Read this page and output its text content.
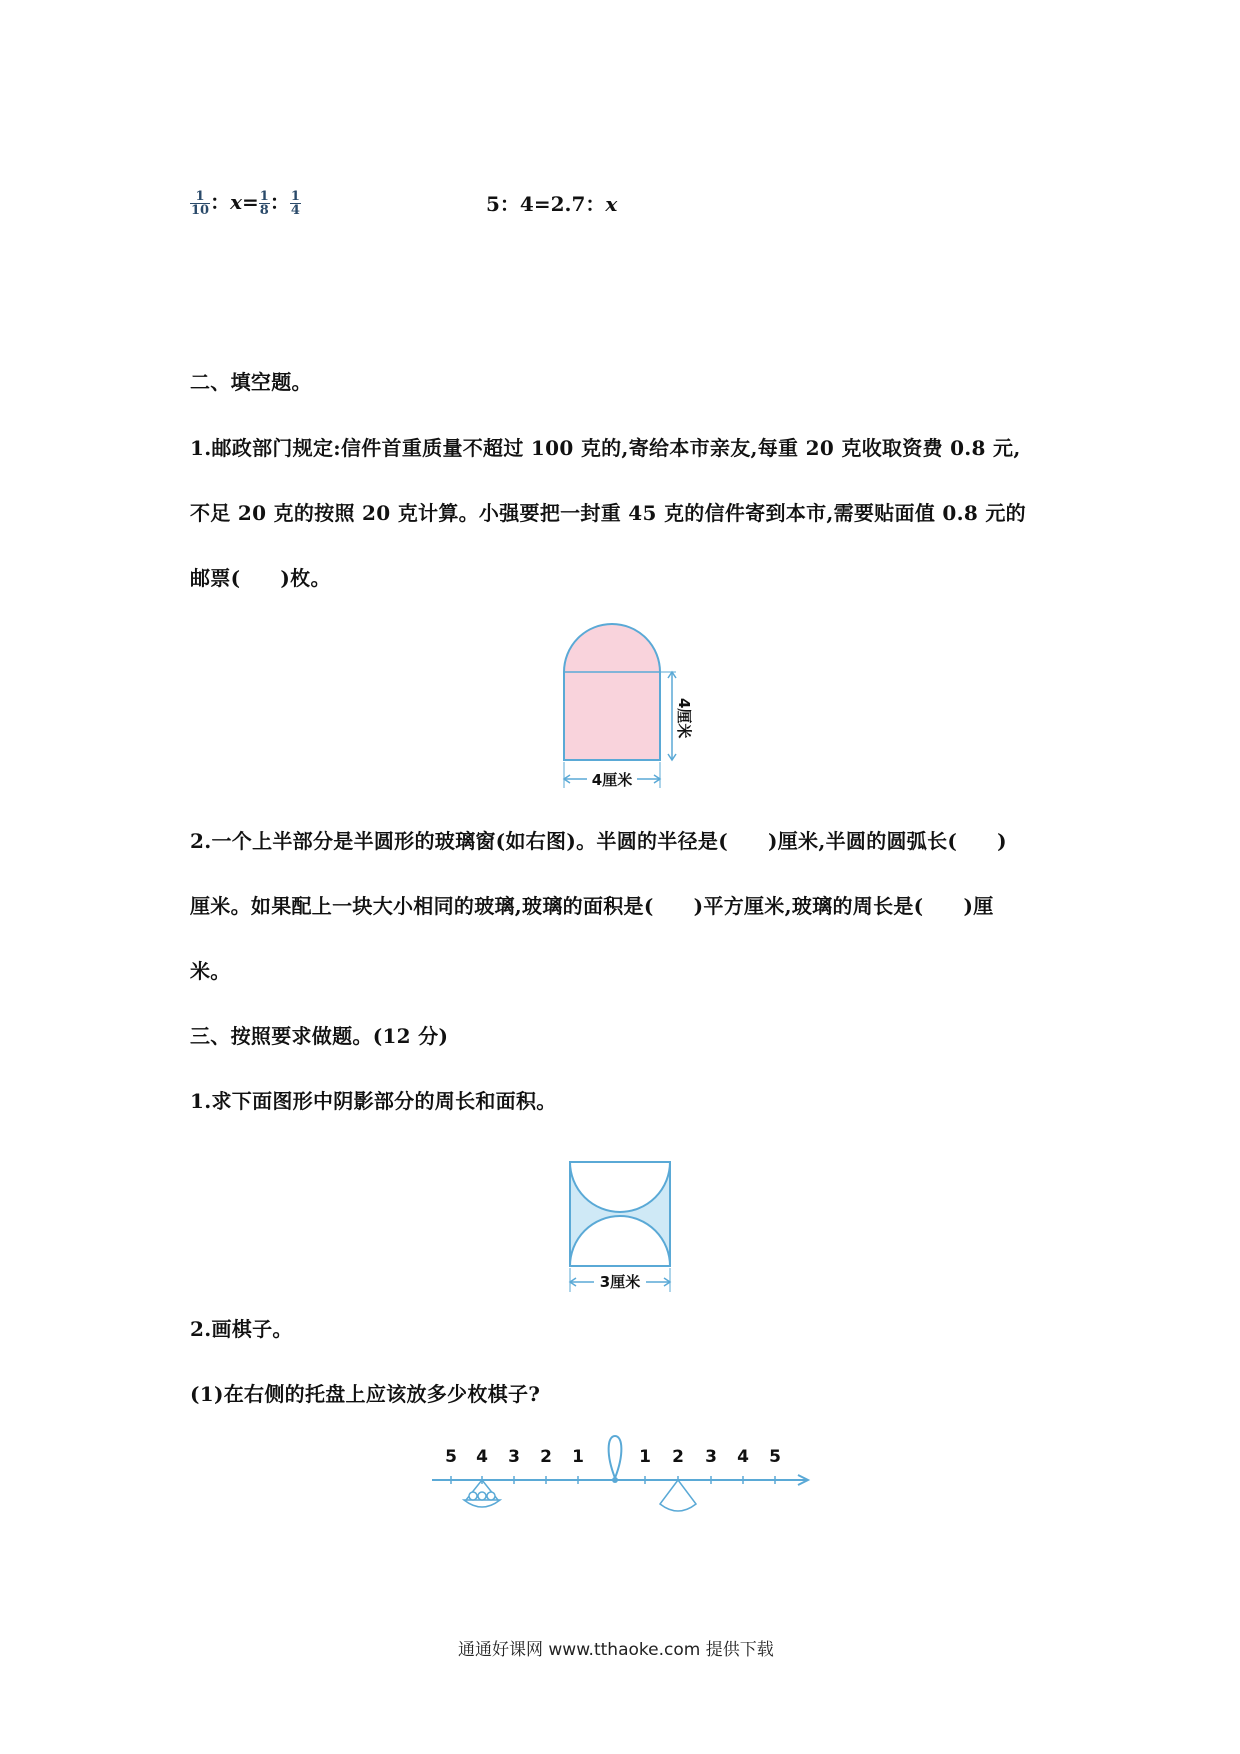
$\frac{1}{10}$ ：$x= \frac{1}{8}$ ： $\frac{1}{4}$	5：4=2.7：x
二、填空题。
1.邮政部门规定:信件首重质量不超过 100 克的,寄给本市亲友,每重 20 克收取资费 0.8 元,
不足 20 克的按照 20 克计算。小强要把一封重 45 克的信件寄到本市,需要贴面值 0.8 元的
邮票( )枚。
4厘米
4厘米
2.一个上半部分是半圆形的玻璃窗(如右图)。半圆的半径是( )厘米,半圆的圆弧长( )
厘米。如果配上一块大小相同的玻璃,玻璃的面积是( )平方厘米,玻璃的周长是( )厘
米。
三、按照要求做题。(12 分)
1.求下面图形中阴影部分的周长和面积。
3厘米
2.画棋子。
(1)在右侧的托盘上应该放多少枚棋子?
5 4 3 2 1	1 2 3 4 5
通通好课网 www.tthaoke.com 提供下载
